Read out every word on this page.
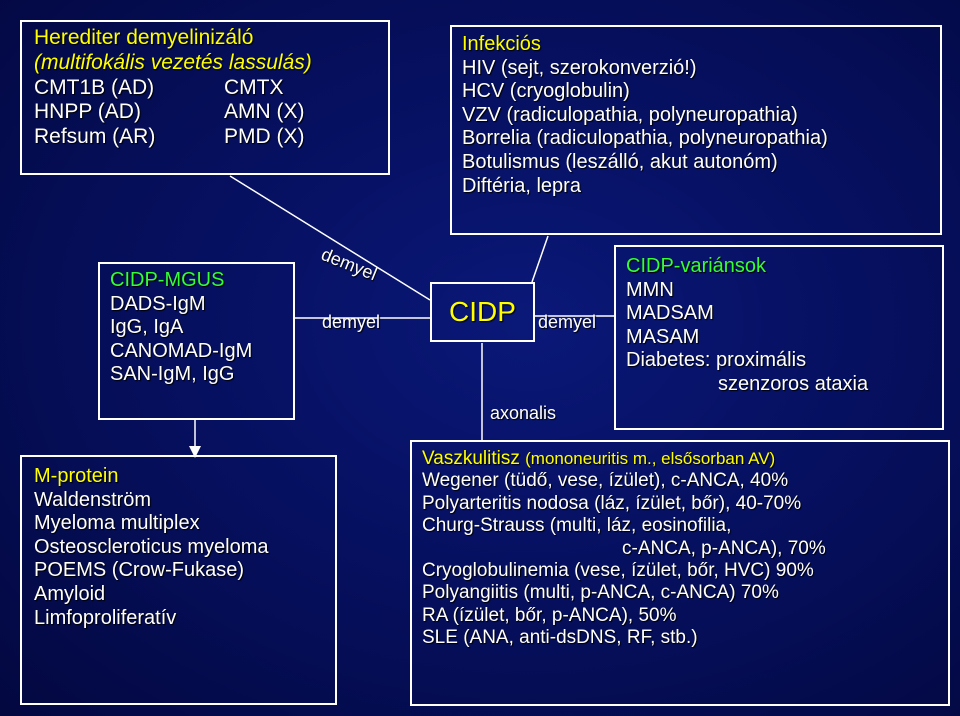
Herediter demyelinizáló
(multifokális vezetés lassulás)
CMT1B (AD)	CMTX
HNPP (AD)	AMN (X)
Refsum (AR)	PMD (X)
Infekciós
HIV (sejt, szerokonverzió!)
HCV (cryoglobulin)
VZV (radiculopathia, polyneuropathia)
Borrelia (radiculopathia, polyneuropathia)
Botulismus (leszálló, akut autonóm)
Diftéria, lepra
CIDP-MGUS
DADS-IgM
IgG, IgA
CANOMAD-IgM
SAN-IgM, IgG
demyel
demyel CIDP demyel
axonalis
CIDP-variánsok
MMN
MADSAM
MASAM
Diabetes: proximális
szenzoros ataxia
M-protein
Waldenström
Myeloma multiplex
Osteoscleroticus myeloma
POEMS (Crow-Fukase)
Amyloid
Limfoproliferatív
Vaszkulitisz (mononeuritis m., elsősorban AV)
Wegener (tüdő, vese, ízület), c-ANCA, 40%
Polyarteritis nodosa (láz, ízület, bőr), 40-70%
Churg-Strauss (multi, láz, eosinofilia,
c-ANCA, p-ANCA), 70%
Cryoglobulinemia (vese, ízület, bőr, HVC) 90%
Polyangiitis (multi, p-ANCA, c-ANCA) 70%
RA (ízület, bőr, p-ANCA), 50%
SLE (ANA, anti-dsDNS, RF, stb.)
